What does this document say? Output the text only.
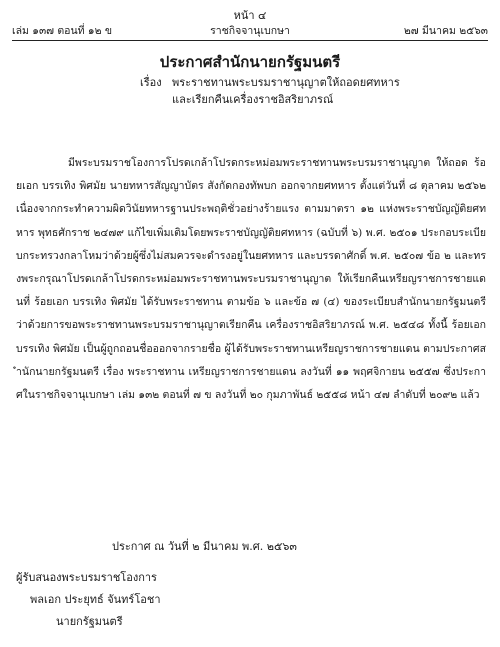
หน้า ๔
เล่ม ๑๓๗ ตอนที่ ๑๒ ข	ราชกิจจานุเบกษา	๒๗ มีนาคม ๒๕๖๓
ประกาศสำนักนายกรัฐมนตรี
เรื่อง พระราชทานพระบรมราชานุญาตให้ถอดยศทหาร
และเรียกคืนเครื่องราชอิสริยาภรณ์
มีพระบรมราชโองการโปรดเกล้าโปรดกระหม่อมพระราชทานพระบรมราชานุญาต ให้ถอด ร้อยเอก บรรเทิง พิศมัย นายทหารสัญญาบัตร สังกัดกองทัพบก ออกจากยศทหาร ตั้งแต่วันที่ ๘ ตุลาคม ๒๕๖๒ เนื่องจากกระทำความผิดวินัยทหารฐานประพฤติชั่วอย่างร้ายแรง ตามมาตรา ๑๒ แห่งพระราชบัญญัติยศทหาร พุทธศักราช ๒๔๗๙ แก้ไขเพิ่มเติมโดยพระราชบัญญัติยศทหาร (ฉบับที่ ๖) พ.ศ. ๒๕๐๑ ประกอบระเบียบกระทรวงกลาโหมว่าด้วยผู้ซึ่งไม่สมควรจะดำรงอยู่ในยศทหาร และบรรดาศักดิ์ พ.ศ. ๒๕๐๗ ข้อ ๒ และทรงพระกรุณาโปรดเกล้าโปรดกระหม่อมพระราชทานพระบรมราชานุญาต ให้เรียกคืนเหรียญราชการชายแดนที่ ร้อยเอก บรรเทิง พิศมัย ได้รับพระราชทาน ตามข้อ ๖ และข้อ ๗ (๔) ของระเบียบสำนักนายกรัฐมนตรี ว่าด้วยการขอพระราชทานพระบรมราชานุญาตเรียกคืน เครื่องราชอิสริยาภรณ์ พ.ศ. ๒๕๔๘ ทั้งนี้ ร้อยเอก บรรเทิง พิศมัย เป็นผู้ถูกถอนชื่อออกจากรายชื่อ ผู้ได้รับพระราชทานเหรียญราชการชายแดน ตามประกาศสำนักนายกรัฐมนตรี เรื่อง พระราชทาน เหรียญราชการชายแดน ลงวันที่ ๑๑ พฤศจิกายน ๒๕๕๗ ซึ่งประกาศในราชกิจจานุเบกษา เล่ม ๑๓๒ ตอนที่ ๗ ข ลงวันที่ ๒๐ กุมภาพันธ์ ๒๕๕๘ หน้า ๔๗ ลำดับที่ ๒๐๙๒ แล้ว
ประกาศ ณ วันที่ ๒ มีนาคม พ.ศ. ๒๕๖๓
ผู้รับสนองพระบรมราชโองการ
พลเอก ประยุทธ์ จันทร์โอชา
นายกรัฐมนตรี
